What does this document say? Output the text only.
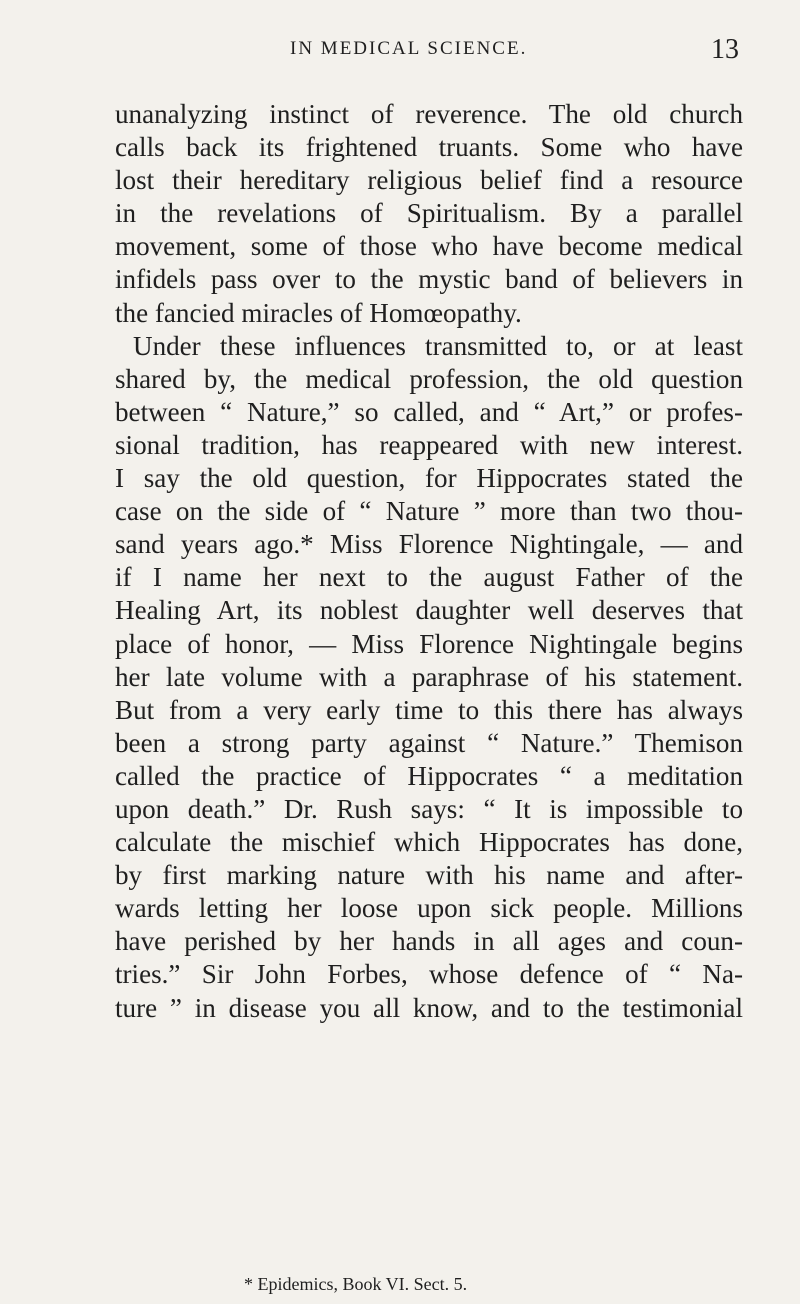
IN MEDICAL SCIENCE.	13
unanalyzing instinct of reverence. The old church
calls back its frightened truants. Some who have
lost their hereditary religious belief find a resource
in the revelations of Spiritualism. By a parallel
movement, some of those who have become medical
infidels pass over to the mystic band of believers in
the fancied miracles of Homœopathy.
Under these influences transmitted to, or at least
shared by, the medical profession, the old question
between “ Nature,” so called, and “ Art,” or profes-
sional tradition, has reappeared with new interest.
I say the old question, for Hippocrates stated the
case on the side of “ Nature ” more than two thou-
sand years ago.* Miss Florence Nightingale, — and
if I name her next to the august Father of the
Healing Art, its noblest daughter well deserves that
place of honor, — Miss Florence Nightingale begins
her late volume with a paraphrase of his statement.
But from a very early time to this there has always
been a strong party against “ Nature.” Themison
called the practice of Hippocrates “ a meditation
upon death.” Dr. Rush says: “ It is impossible to
calculate the mischief which Hippocrates has done,
by first marking nature with his name and after-
wards letting her loose upon sick people. Millions
have perished by her hands in all ages and coun-
tries.” Sir John Forbes, whose defence of “ Na-
ture ” in disease you all know, and to the testimonial
* Epidemics, Book VI. Sect. 5.
